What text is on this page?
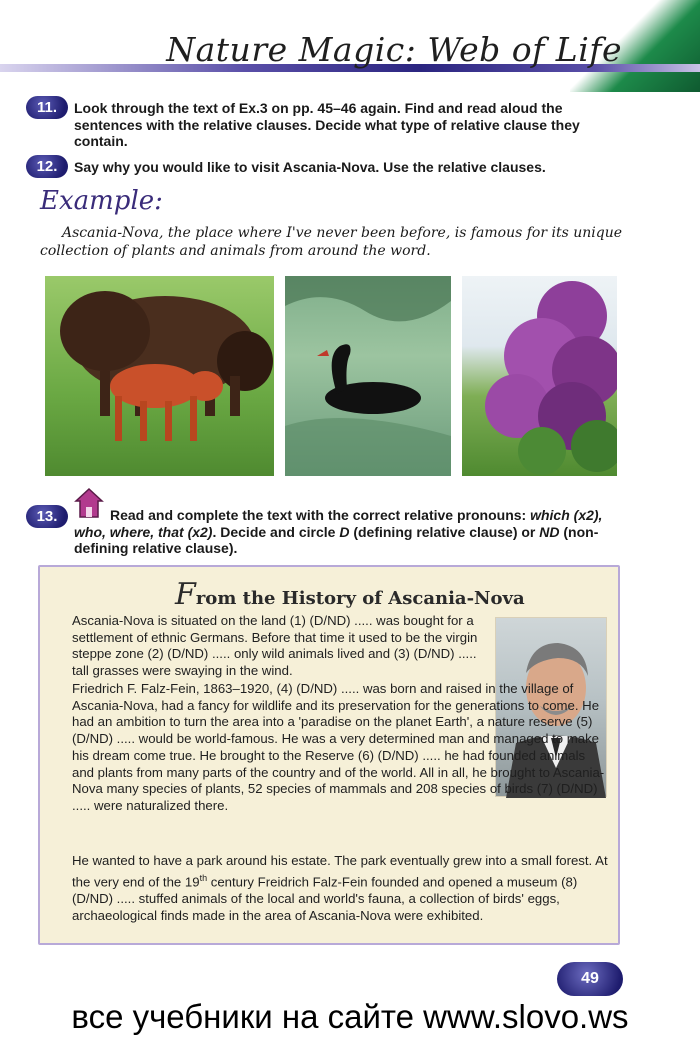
Nature Magic: Web of Life
11.	Look through the text of Ex.3 on pp. 45–46 again. Find and read aloud the sentences with the relative clauses. Decide what type of relative clause they contain.
12.	Say why you would like to visit Ascania-Nova. Use the relative clauses.
Example:
Ascania-Nova, the place where I've never been before, is famous for its unique collection of plants and animals from around the word.
13.	Read and complete the text with the correct relative pronouns: which (x2), who, where, that (x2). Decide and circle D (defining relative clause) or ND (non-defining relative clause).
From the History of Ascania-Nova
Ascania-Nova is situated on the land (1) (D/ND) ..... was bought for a settlement of ethnic Germans. Before that time it used to be the virgin steppe zone (2) (D/ND) ..... only wild animals lived and (3) (D/ND) ..... tall grasses were swaying in the wind.
Friedrich F. Falz-Fein, 1863–1920, (4) (D/ND) ..... was born and raised in the village of Ascania-Nova, had a fancy for wildlife and its preservation for the generations to come. He had an ambition to turn the area into a 'paradise on the planet Earth', a nature reserve (5) (D/ND) ..... would be world-famous. He was a very determined man and managed to make his dream come true. He brought to the Reserve (6) (D/ND) ..... he had founded animals and plants from many parts of the country and of the world. All in all, he brought to Ascania-Nova many species of plants, 52 species of mammals and 208 species of birds (7) (D/ND) ..... were naturalized there.
He wanted to have a park around his estate. The park eventually grew into a small forest. At the very end of the 19th century Freidrich Falz-Fein founded and opened a museum (8) (D/ND) ..... stuffed animals of the local and world's fauna, a collection of birds' eggs, archaeological finds made in the area of Ascania-Nova were exhibited.
49
все учебники на сайте www.slovo.ws
